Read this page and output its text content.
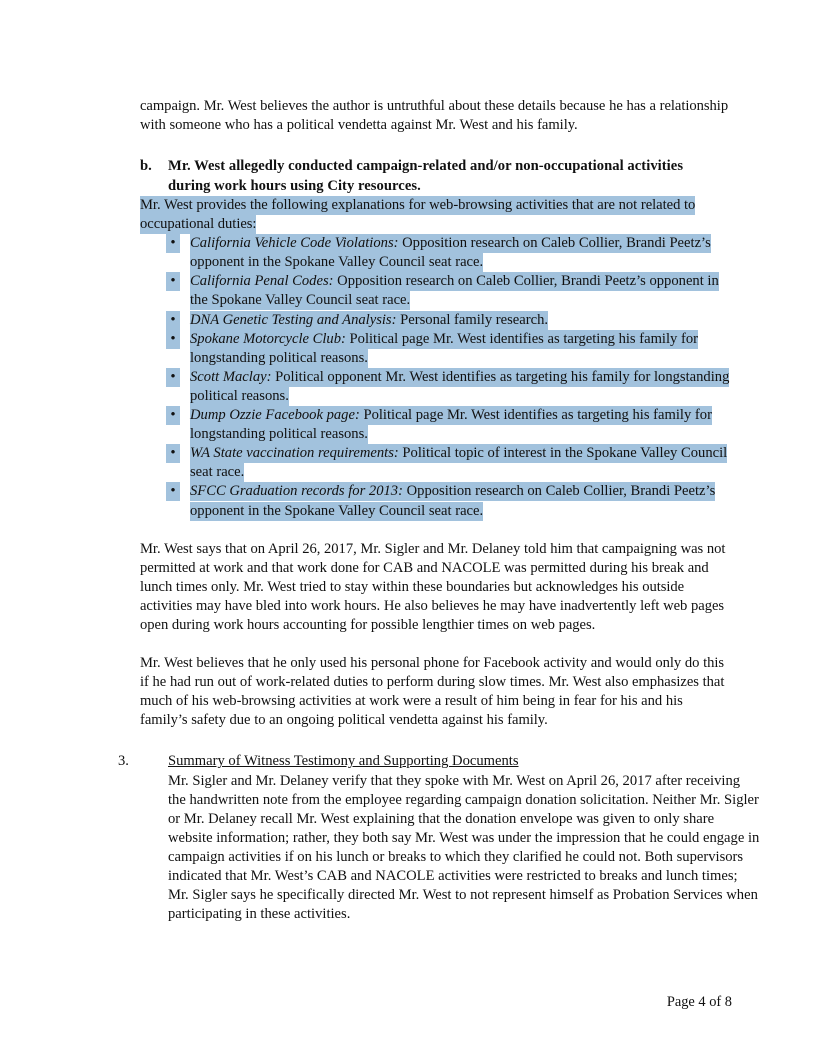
campaign. Mr. West believes the author is untruthful about these details because he has a relationship with someone who has a political vendetta against Mr. West and his family.

b. Mr. West allegedly conducted campaign-related and/or non-occupational activities during work hours using City resources.

Mr. West provides the following explanations for web-browsing activities that are not related to occupational duties:

• California Vehicle Code Violations: Opposition research on Caleb Collier, Brandi Peetz’s opponent in the Spokane Valley Council seat race.
• California Penal Codes: Opposition research on Caleb Collier, Brandi Peetz’s opponent in the Spokane Valley Council seat race.
• DNA Genetic Testing and Analysis: Personal family research.
• Spokane Motorcycle Club: Political page Mr. West identifies as targeting his family for longstanding political reasons.
• Scott Maclay: Political opponent Mr. West identifies as targeting his family for longstanding political reasons.
• Dump Ozzie Facebook page: Political page Mr. West identifies as targeting his family for longstanding political reasons.
• WA State vaccination requirements: Political topic of interest in the Spokane Valley Council seat race.
• SFCC Graduation records for 2013: Opposition research on Caleb Collier, Brandi Peetz’s opponent in the Spokane Valley Council seat race.

Mr. West says that on April 26, 2017, Mr. Sigler and Mr. Delaney told him that campaigning was not permitted at work and that work done for CAB and NACOLE was permitted during his break and lunch times only. Mr. West tried to stay within these boundaries but acknowledges his outside activities may have bled into work hours. He also believes he may have inadvertently left web pages open during work hours accounting for possible lengthier times on web pages.

Mr. West believes that he only used his personal phone for Facebook activity and would only do this if he had run out of work-related duties to perform during slow times. Mr. West also emphasizes that much of his web-browsing activities at work were a result of him being in fear for his and his family’s safety due to an ongoing political vendetta against his family.

3.	Summary of Witness Testimony and Supporting Documents
Mr. Sigler and Mr. Delaney verify that they spoke with Mr. West on April 26, 2017 after receiving the handwritten note from the employee regarding campaign donation solicitation. Neither Mr. Sigler or Mr. Delaney recall Mr. West explaining that the donation envelope was given to only share website information; rather, they both say Mr. West was under the impression that he could engage in campaign activities if on his lunch or breaks to which they clarified he could not. Both supervisors indicated that Mr. West’s CAB and NACOLE activities were restricted to breaks and lunch times; Mr. Sigler says he specifically directed Mr. West to not represent himself as Probation Services when participating in these activities.
Page 4 of 8
